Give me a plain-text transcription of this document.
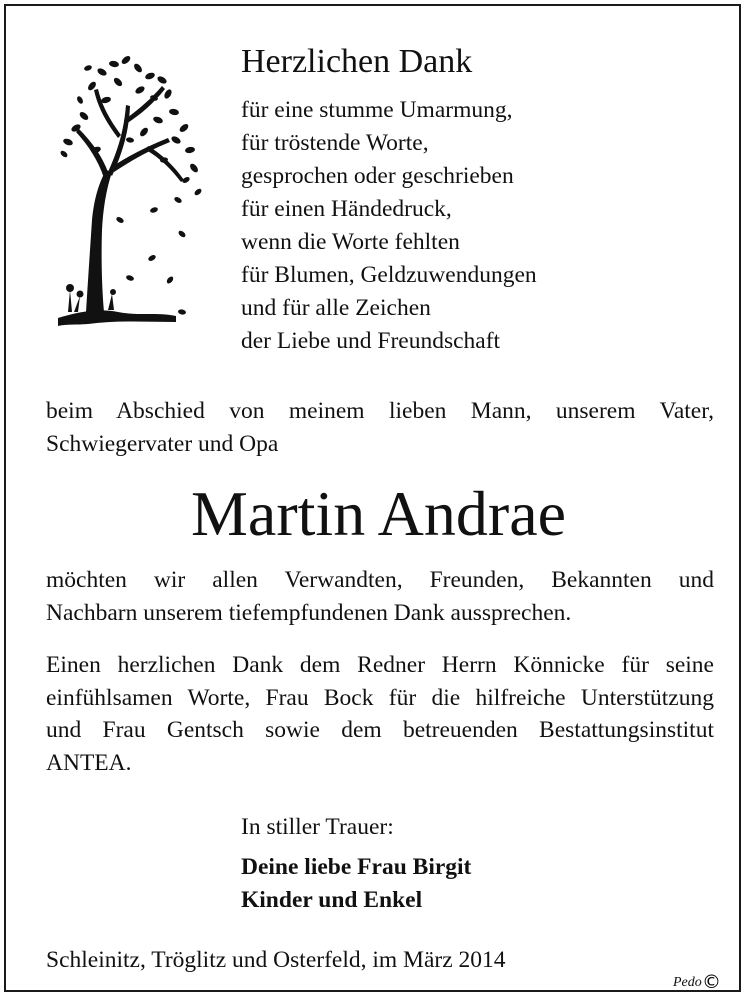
Herzlichen Dank
für eine stumme Umarmung,
für tröstende Worte,
gesprochen oder geschrieben
für einen Händedruck,
wenn die Worte fehlten
für Blumen, Geldzuwendungen
und für alle Zeichen
der Liebe und Freundschaft
beim Abschied von meinem lieben Mann, unserem Vater,
Schwiegervater und Opa
Martin Andrae
möchten wir allen Verwandten, Freunden, Bekannten und
Nachbarn unserem tiefempfundenen Dank aussprechen.
Einen herzlichen Dank dem Redner Herrn Könnicke für seine
einfühlsamen Worte, Frau Bock für die hilfreiche Unterstützung
und Frau Gentsch sowie dem betreuenden Bestattungsinstitut
ANTEA.
In stiller Trauer:
Deine liebe Frau Birgit
Kinder und Enkel
Schleinitz, Tröglitz und Osterfeld, im März 2014
Pedo ©
